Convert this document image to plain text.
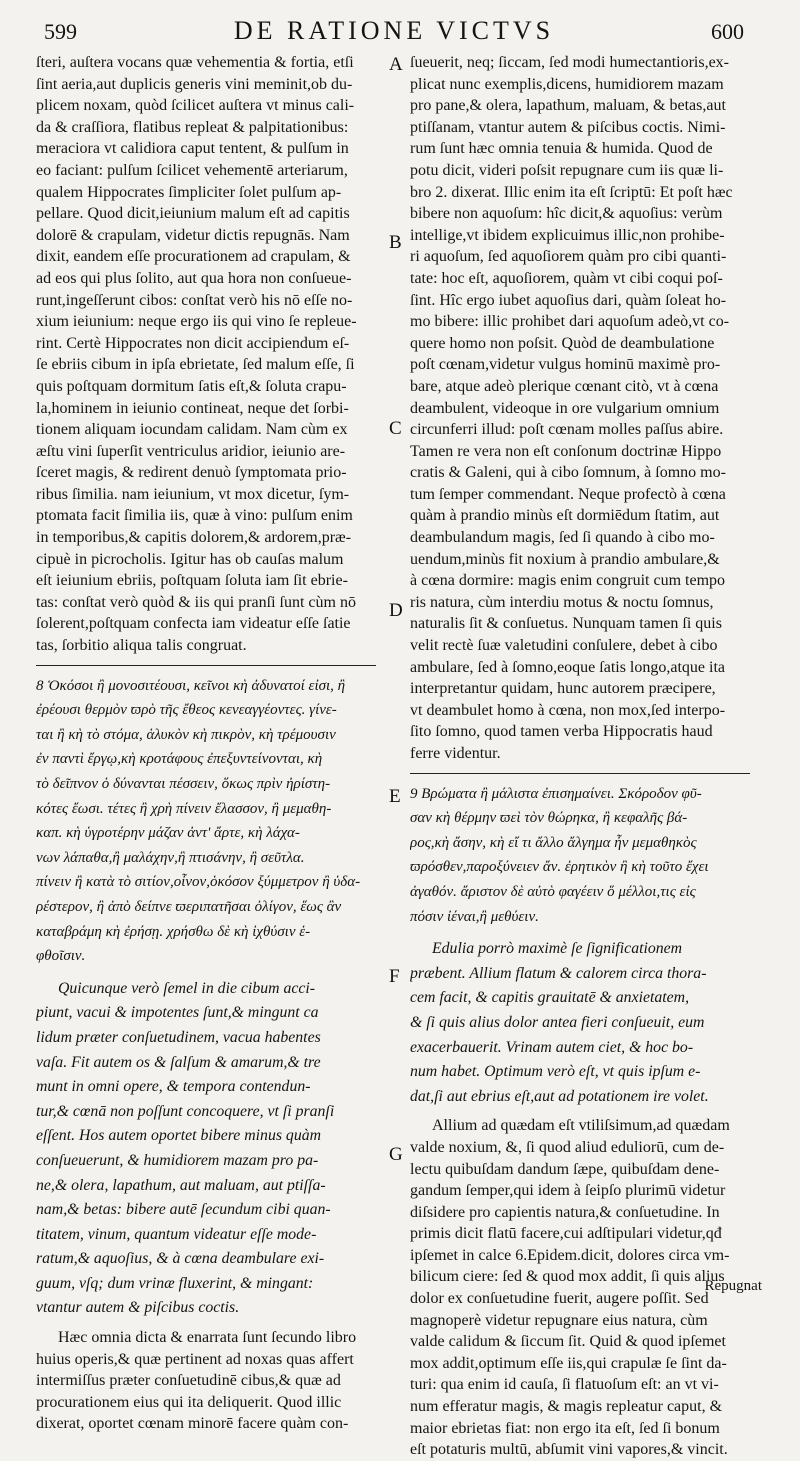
599	DE RATIONE VICTVS	600
ſteri, auſtera vocans quæ vehementia & fortia, etſi
ſint aeria,aut duplicis generis vini meminit,ob du-
plicem noxam, quòd ſcilicet auſtera vt minus cali-
da & craſſiora, flatibus repleat & palpitationibus:
meraciora vt calidiora caput tentent, & pulſum in
eo faciant: pulſum ſcilicet vehementē arteriarum,
qualem Hippocrates ſimpliciter ſolet pulſum ap-
pellare. Quod dicit,ieiunium malum eſt ad capitis
dolorē & crapulam, videtur dictis repugnās. Nam
dixit, eandem eſſe procurationem ad crapulam, &
ad eos qui plus ſolito, aut qua hora non conſueue-
runt,ingeſſerunt cibos: conſtat verò his nō eſſe no-
xium ieiunium: neque ergo iis qui vino ſe repleue-
rint. Certè Hippocrates non dicit accipiendum eſ-
ſe ebriis cibum in ipſa ebrietate, ſed malum eſſe, ſi
quis poſtquam dormitum ſatis eſt,& ſoluta crapu-
la,hominem in ieiunio contineat, neque det ſorbi-
tionem aliquam iocundam calidam. Nam cùm ex
æſtu vini ſuperſit ventriculus aridior, ieiunio are-
ſceret magis, & redirent denuò ſymptomata prio-
ribus ſimilia. nam ieiunium, vt mox dicetur, ſym-
ptomata facit ſimilia iis, quæ à vino: pulſum enim
in temporibus,& capitis dolorem,& ardorem,præ-
cipuè in picrocholis. Igitur has ob cauſas malum
eſt ieiunium ebriis, poſtquam ſoluta iam ſit ebrie-
tas: conſtat verò quòd & iis qui pranſi ſunt cùm nō
ſolerent,poſtquam confecta iam videatur eſſe ſatie
tas, ſorbitio aliqua talis congruat.
8 Ὁκόσοι ἢ μονοσιτέουσι, κεῖνοι κὴ ἀδυνατοί εἰσι, ἢ
ἐρέουσι θερμὸν ϖρὸ τῆς ἔθεος κενεαγγέοντες. γίνε-
ται ἢ κὴ τὸ στόμα, ἁλυκὸν κὴ πικρὸν, κὴ τρέμουσιν
ἐν παντὶ ἔργῳ,κὴ κροτάφους ἐπεξυντείνονται, κὴ
τὸ δεῖπνον ὁ δύνανται πέσσειν, ὅκως πρὶν ἠρίστη-
κότες ἔωσι. τέτες ἢ χρὴ πίνειν ἔλασσον, ἢ μεμαθη-
καπ. κὴ ὑγροτέρην μάζαν ἀντ' ἄρτε, κὴ λάχα-
νων λάπαθα,ἢ μαλάχην,ἢ πτισάνην, ἢ σεῦτλα.
πίνειν ἢ κατὰ τὸ σιτίον,οἶνον,ὁκόσον ξύμμετρον ἢ ὑδα-
ρέστερον, ἢ ἀπὸ δείπνε ϖεριπατῆσαι ὀλίγον, ἕως ἂν
καταβράμη κὴ ἐρήσῃ. χρήσθω δὲ κὴ ἰχθύσιν ἑ-
φθοῖσιν.
Quicunque verò ſemel in die cibum acci-
piunt, vacui & impotentes ſunt,& mingunt ca
lidum præter conſuetudinem, vacua habentes
vaſa. Fit autem os & ſalſum & amarum,& tre
munt in omni opere, & tempora contendun-
tur,& cœnā non poſſunt concoquere, vt ſi pranſi
eſſent. Hos autem oportet bibere minus quàm
conſueuerunt, & humidiorem mazam pro pa-
ne,& olera, lapathum, aut maluam, aut ptiſſa-
nam,& betas: bibere autē ſecundum cibi quan-
titatem, vinum, quantum videatur eſſe mode-
ratum,& aquoſius, & à cœna deambulare exi-
guum, vſq; dum vrinæ fluxerint, & mingant:
vtantur autem & piſcibus coctis.
Hæc omnia dicta & enarrata ſunt ſecundo libro
huius operis,& quæ pertinent ad noxas quas affert
intermiſſus præter conſuetudinē cibus,& quæ ad
procurationem eius qui ita deliquerit. Quod illic
dixerat, oportet cœnam minorē facere quàm con-
ſueuerit, neq; ſiccam, ſed modi humectantioris,ex-
plicat nunc exemplis,dicens, humidiorem mazam
pro pane,& olera, lapathum, maluam, & betas,aut
ptiſſanam, vtantur autem & piſcibus coctis. Nimi-
rum ſunt hæc omnia tenuia & humida. Quod de
potu dicit, videri poſsit repugnare cum iis quæ li-
bro 2. dixerat. Illic enim ita eſt ſcriptū: Et poſt hæc
bibere non aquoſum: hîc dicit,& aquoſius: verùm
intellige,vt ibidem explicuimus illic,non prohibe-
ri aquoſum, ſed aquoſiorem quàm pro cibi quanti-
tate: hoc eſt, aquoſiorem, quàm vt cibi coqui poſ-
ſint. Hîc ergo iubet aquoſius dari, quàm ſoleat ho-
mo bibere: illic prohibet dari aquoſum adeò,vt co-
quere homo non poſsit. Quòd de deambulatione
poſt cœnam,videtur vulgus hominū maximè pro-
bare, atque adeò plerique cœnant citò, vt à cœna
deambulent, videoque in ore vulgarium omnium
circunferri illud: poſt cœnam molles paſſus abire.
Tamen re vera non eſt conſonum doctrinæ Hippo
cratis & Galeni, qui à cibo ſomnum, à ſomno mo-
tum ſemper commendant. Neque profectò à cœna
quàm à prandio minùs eſt dormiēdum ſtatim, aut
deambulandum magis, ſed ſi quando à cibo mo-
uendum,minùs fit noxium à prandio ambulare,&
à cœna dormire: magis enim congruit cum tempo
ris natura, cùm interdiu motus & noctu ſomnus,
naturalis ſit & conſuetus. Nunquam tamen ſi quis
velit rectè ſuæ valetudini conſulere, debet à cibo
ambulare, ſed à ſomno,eoque ſatis longo,atque ita
interpretantur quidam, hunc autorem præcipere,
vt deambulet homo à cœna, non mox,ſed interpo-
ſito ſomno, quod tamen verba Hippocratis haud
ferre videntur.
9 Βρώματα ἢ μάλιστα ἐπισημαίνει. Σκόροδον φῦ-
σαν κὴ θέρμην ϖεὶ τὸν θώρηκα, ἢ κεφαλῆς βά-
ρος,κὴ ἄσην, κὴ εἴ τι ἄλλο ἄλγημα ἦν μεμαθηκὸς
ϖρόσθεν,παροξύνειεν ἄν. ἐρητικὸν ἢ κὴ τοῦτο ἔχει
ἀγαθόν. ἄριστον δὲ αὐτὸ φαγέειν ὅ μέλλοι,τις εἰς
πόσιν ἰέναι,ἢ μεθύειν.
Edulia porrò maximè ſe ſignificationem
præbent. Allium flatum & calorem circa thora-
cem facit, & capitis grauitatē & anxietatem,
& ſi quis alius dolor antea fieri conſueuit, eum
exacerbauerit. Vrinam autem ciet, & hoc bo-
num habet. Optimum verò eſt, vt quis ipſum e-
dat,ſi aut ebrius eſt,aut ad potationem ire volet.
Allium ad quædam eſt vtiliſsimum,ad quædam
valde noxium, &, ſi quod aliud eduliorū, cum de-
lectu quibuſdam dandum ſæpe, quibuſdam dene-
gandum ſemper,qui idem à ſeipſo plurimū videtur
diſsidere pro capientis natura,& conſuetudine. In
primis dicit flatū facere,cui adſtipulari videtur,qđ
ipſemet in calce 6.Epidem.dicit, dolores circa vm-
bilicum ciere: ſed & quod mox addit, ſi quis alius
dolor ex conſuetudine fuerit, augere poſſit. Sed
magnoperè videtur repugnare eius natura, cùm
valde calidum & ſiccum ſit. Quid & quod ipſemet
mox addit,optimum eſſe iis,qui crapulæ ſe ſint da-
turi: qua enim id cauſa, ſi flatuoſum eſt: an vt vi-
num efferatur magis, & magis repleatur caput, &
maior ebrietas fiat: non ergo ita eſt, ſed ſi bonum
eſt potaturis multū, abſumit vini vapores,& vincit.
A
B
C
D
E
F
G
Repugnat
